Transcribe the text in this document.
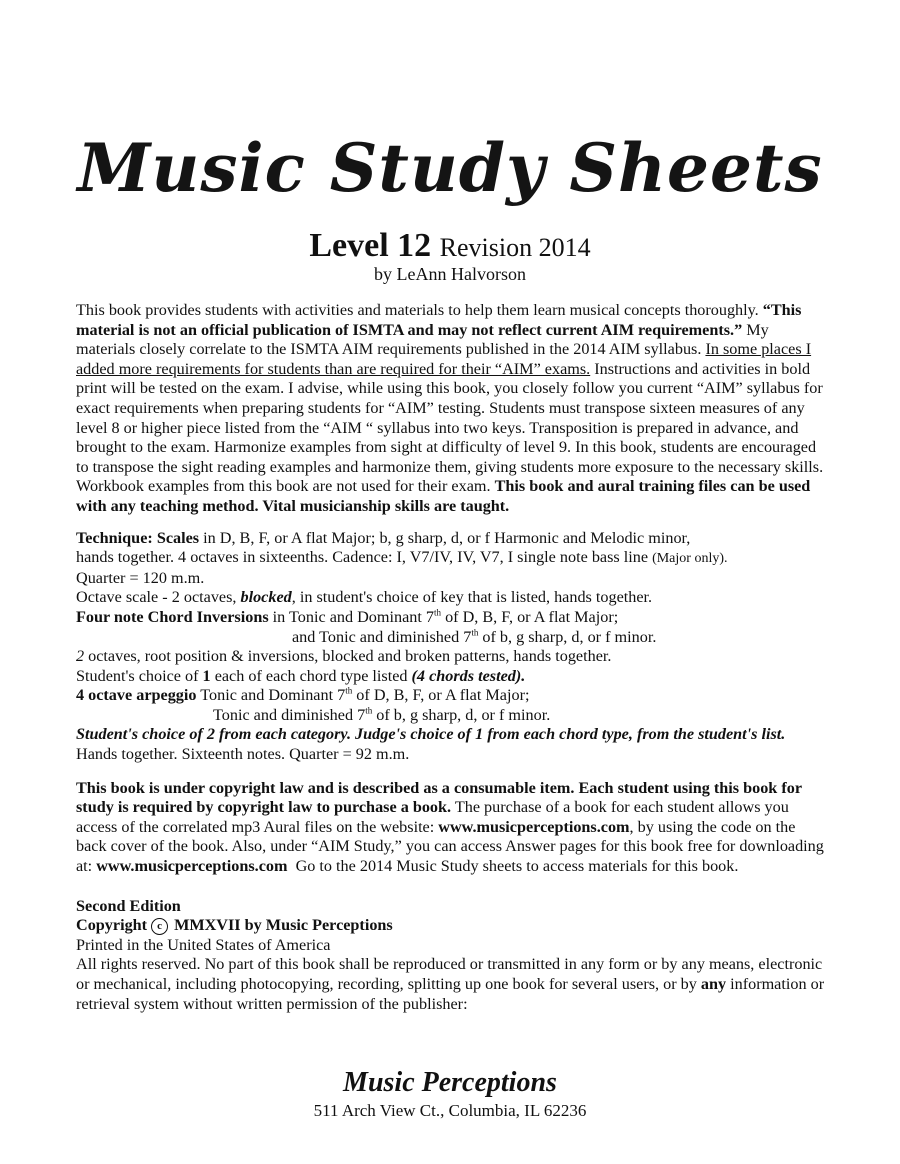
Music Study Sheets
Level 12 Revision 2014
by LeAnn Halvorson

This book provides students with activities and materials to help them learn musical concepts thoroughly. “This material is not an official publication of ISMTA and may not reflect current AIM requirements.” My materials closely correlate to the ISMTA AIM requirements published in the 2014 AIM syllabus. In some places I added more requirements for students than are required for their “AIM” exams. Instructions and activities in bold print will be tested on the exam. I advise, while using this book, you closely follow you current “AIM” syllabus for exact requirements when preparing students for “AIM” testing. Students must transpose sixteen measures of any level 8 or higher piece listed from the “AIM “ syllabus into two keys. Transposition is prepared in advance, and brought to the exam. Harmonize examples from sight at difficulty of level 9. In this book, students are encouraged to transpose the sight reading examples and harmonize them, giving students more exposure to the necessary skills. Workbook examples from this book are not used for their exam. This book and aural training files can be used with any teaching method. Vital musicianship skills are taught.

Technique: Scales in D, B, F, or A flat Major; b, g sharp, d, or f Harmonic and Melodic minor,

hands together. 4 octaves in sixteenths. Cadence: I, V7/IV, IV, V7, I single note bass line (Major only).

Quarter = 120 m.m.

Octave scale - 2 octaves, blocked, in student's choice of key that is listed, hands together.

Four note Chord Inversions in Tonic and Dominant 7th of D, B, F, or A flat Major;

and Tonic and diminished 7th of b, g sharp, d, or f minor.

2 octaves, root position & inversions, blocked and broken patterns, hands together.

Student's choice of 1 each of each chord type listed (4 chords tested).

4 octave arpeggio Tonic and Dominant 7th of D, B, F, or A flat Major;

Tonic and diminished 7th of b, g sharp, d, or f minor.

Student's choice of 2 from each category. Judge's choice of 1 from each chord type, from the student's list. Hands together. Sixteenth notes. Quarter = 92 m.m.

This book is under copyright law and is described as a consumable item. Each student using this book for study is required by copyright law to purchase a book. The purchase of a book for each student allows you access of the correlated mp3 Aural files on the website: www.musicperceptions.com, by using the code on the back cover of the book. Also, under “AIM Study,” you can access Answer pages for this book free for downloading at: www.musicperceptions.com Go to the 2014 Music Study sheets to access materials for this book.

Second Edition

Copyright c MMXVII by Music Perceptions

Printed in the United States of America

All rights reserved. No part of this book shall be reproduced or transmitted in any form or by any means, electronic or mechanical, including photocopying, recording, splitting up one book for several users, or by any information or retrieval system without written permission of the publisher:

Music Perceptions
511 Arch View Ct., Columbia, IL 62236
